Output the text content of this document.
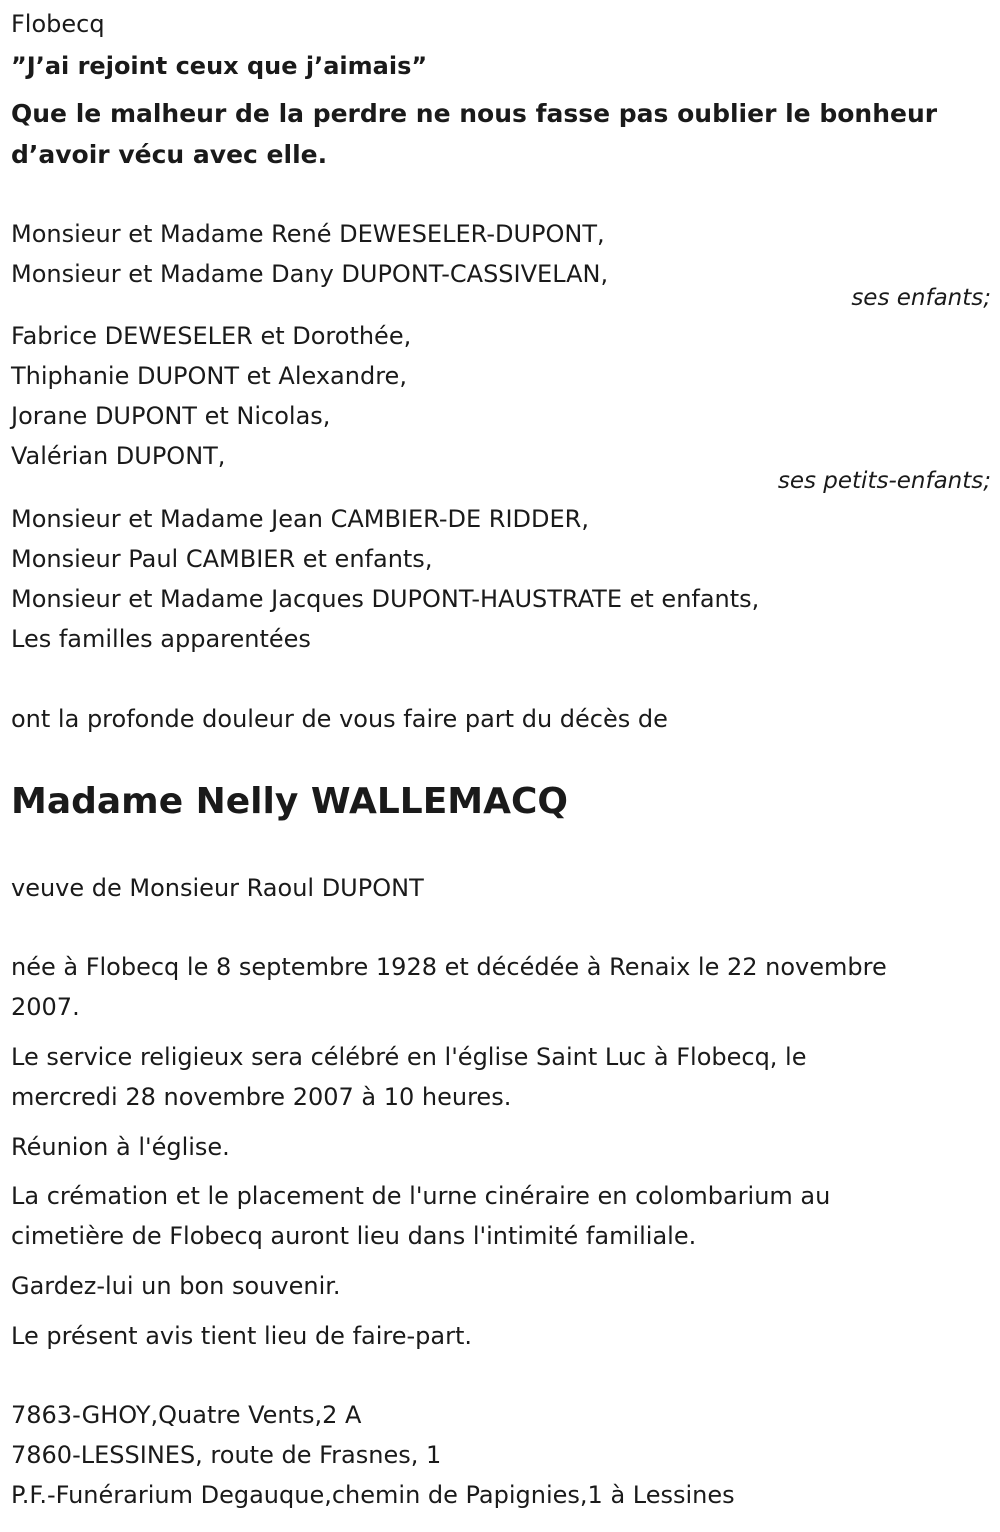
Flobecq
”J’ai rejoint ceux que j’aimais”
Que le malheur de la perdre ne nous fasse pas oublier le bonheur
d’avoir vécu avec elle.
Monsieur et Madame René DEWESELER-DUPONT,
Monsieur et Madame Dany DUPONT-CASSIVELAN,
ses enfants;
Fabrice DEWESELER et Dorothée,
Thiphanie DUPONT et Alexandre,
Jorane DUPONT et Nicolas,
Valérian DUPONT,
ses petits-enfants;
Monsieur et Madame Jean CAMBIER-DE RIDDER,
Monsieur Paul CAMBIER et enfants,
Monsieur et Madame Jacques DUPONT-HAUSTRATE et enfants,
Les familles apparentées
ont la profonde douleur de vous faire part du décès de
Madame Nelly WALLEMACQ
veuve de Monsieur Raoul DUPONT
née à Flobecq le 8 septembre 1928 et décédée à Renaix le 22 novembre
2007.
Le service religieux sera célébré en l'église Saint Luc à Flobecq, le
mercredi 28 novembre 2007 à 10 heures.
Réunion à l'église.
La crémation et le placement de l'urne cinéraire en colombarium au
cimetière de Flobecq auront lieu dans l'intimité familiale.
Gardez-lui un bon souvenir.
Le présent avis tient lieu de faire-part.
7863-GHOY,Quatre Vents,2 A
7860-LESSINES, route de Frasnes, 1
P.F.-Funérarium Degauque,chemin de Papignies,1 à Lessines
